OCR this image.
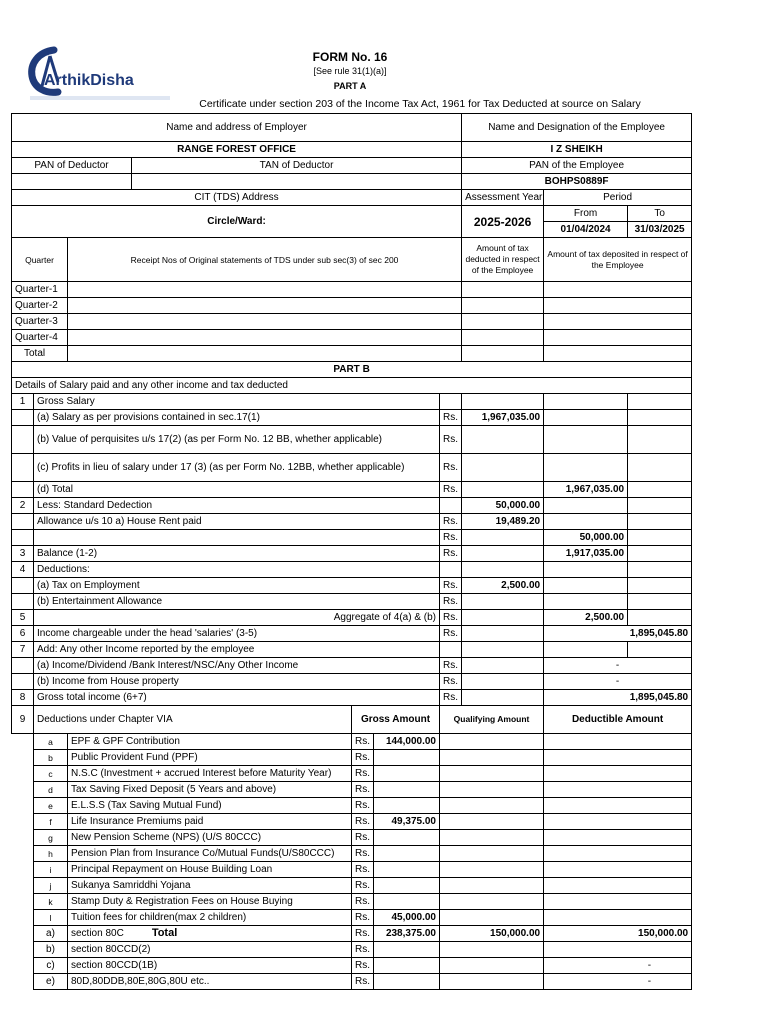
ArthikDisha
FORM No. 16
[See rule 31(1)(a)]
PART A
Certificate under section 203 of the Income Tax Act, 1961 for Tax Deducted at source on Salary
Name and address of Employer							Name and Designation of the Employee		
RANGE FOREST OFFICE							I Z SHEIKH		
PAN of Deductor			TAN of Deductor				PAN of the Employee		
							BOHPS0889F		
CIT (TDS) Address							Assessment Year	Period	
Circle/Ward:							2025-2026	From	To
								01/04/2024	31/03/2025
Quarter		Receipt Nos of Original statements of TDS under sub sec(3) of sec 200					Amount of tax deducted in respect of the Employee	Amount of tax deposited in respect of the Employee	
Quarter-1									
Quarter-2									
Quarter-3									
Quarter-4									
Total									
PART B									
Details of Salary paid and any other income and tax deducted									
1	Gross Salary								
	(a) Salary as per provisions contained in sec.17(1)					Rs.	1,967,035.00		
	(b) Value of perquisites u/s 17(2) (as per Form No. 12 BB, whether applicable)					Rs.			
	(c) Profits in lieu of salary under 17 (3) (as per Form No. 12BB, whether applicable)					Rs.			
	(d) Total					Rs.		1,967,035.00	
2	Less: Standard Dedection						50,000.00		
	Allowance u/s 10 a) House Rent paid					Rs.	19,489.20		
						Rs.		50,000.00	
3	Balance (1-2)					Rs.		1,917,035.00	
4	Deductions:								
	(a) Tax on Employment					Rs.	2,500.00		
	(b) Entertainment Allowance					Rs.			
5	Aggregate of 4(a) & (b)					Rs.		2,500.00	
6	Income chargeable under the head 'salaries' (3-5)					Rs.		1,895,045.80	
7	Add: Any other Income reported by the employee								
	(a) Income/Dividend /Bank Interest/NSC/Any Other Income					Rs.		-	
	(b) Income from House property					Rs.		-	
8	Gross total income (6+7)					Rs.		1,895,045.80	
9	Deductions under Chapter VIA			Gross Amount		Qualifying Amount		Deductible Amount	
	a	EPF & GPF Contribution		Rs.	144,000.00				
	b	Public Provident Fund (PPF)		Rs.					
	c	N.S.C (Investment + accrued Interest before Maturity Year)		Rs.					
	d	Tax Saving Fixed Deposit (5 Years and above)		Rs.					
	e	E.L.S.S (Tax Saving Mutual Fund)		Rs.					
	f	Life Insurance Premiums paid		Rs.	49,375.00				
	g	New Pension Scheme (NPS) (U/S 80CCC)		Rs.					
	h	Pension Plan from Insurance Co/Mutual Funds(U/S80CCC)		Rs.					
	i	Principal Repayment on House Building Loan		Rs.					
	j	Sukanya Samriddhi Yojana		Rs.					
	k	Stamp Duty & Registration Fees on House Buying		Rs.					
	l	Tuition fees for children(max 2 children)		Rs.	45,000.00				
	a)	section 80C Total		Rs.	238,375.00	150,000.00		150,000.00	
	b)	section 80CCD(2)		Rs.					
	c)	section 80CCD(1B)		Rs.				-	
	e)	80D,80DDB,80E,80G,80U etc..		Rs.				-	
